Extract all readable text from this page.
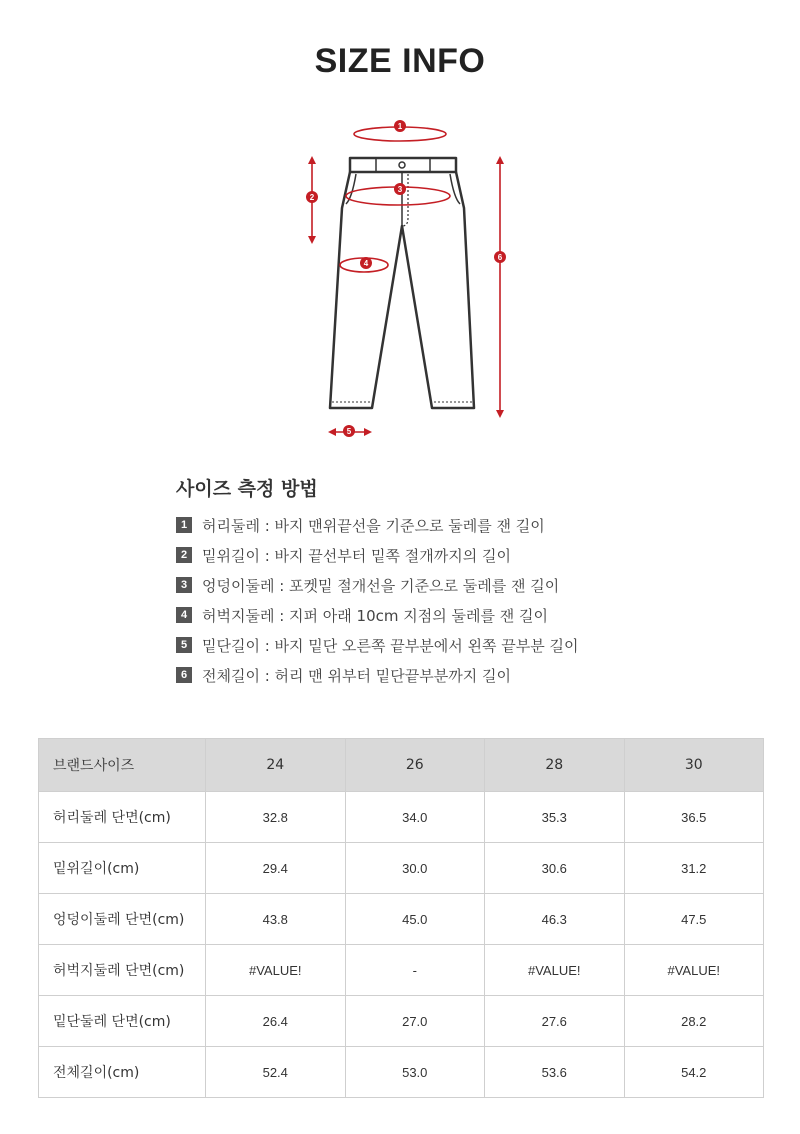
SIZE INFO
1
2
3
4
5
6
사이즈 측정 방법
1 허리둘레 : 바지 맨위끝선을 기준으로 둘레를 잰 길이
2 밑위길이 : 바지 끝선부터 밑쪽 절개까지의 길이
3 엉덩이둘레 : 포켓밑 절개선을 기준으로 둘레를 잰 길이
4 허벅지둘레 : 지퍼 아래 10cm 지점의 둘레를 잰 길이
5 밑단길이 : 바지 밑단 오른쪽 끝부분에서 왼쪽 끝부분 길이
6 전체길이 : 허리 맨 위부터 밑단끝부분까지 길이
브랜드사이즈	24	26	28	30
허리둘레 단면(cm)	32.8	34.0	35.3	36.5
밑위길이(cm)	29.4	30.0	30.6	31.2
엉덩이둘레 단면(cm)	43.8	45.0	46.3	47.5
허벅지둘레 단면(cm)	#VALUE!	-	#VALUE!	#VALUE!
밑단둘레 단면(cm)	26.4	27.0	27.6	28.2
전체길이(cm)	52.4	53.0	53.6	54.2
